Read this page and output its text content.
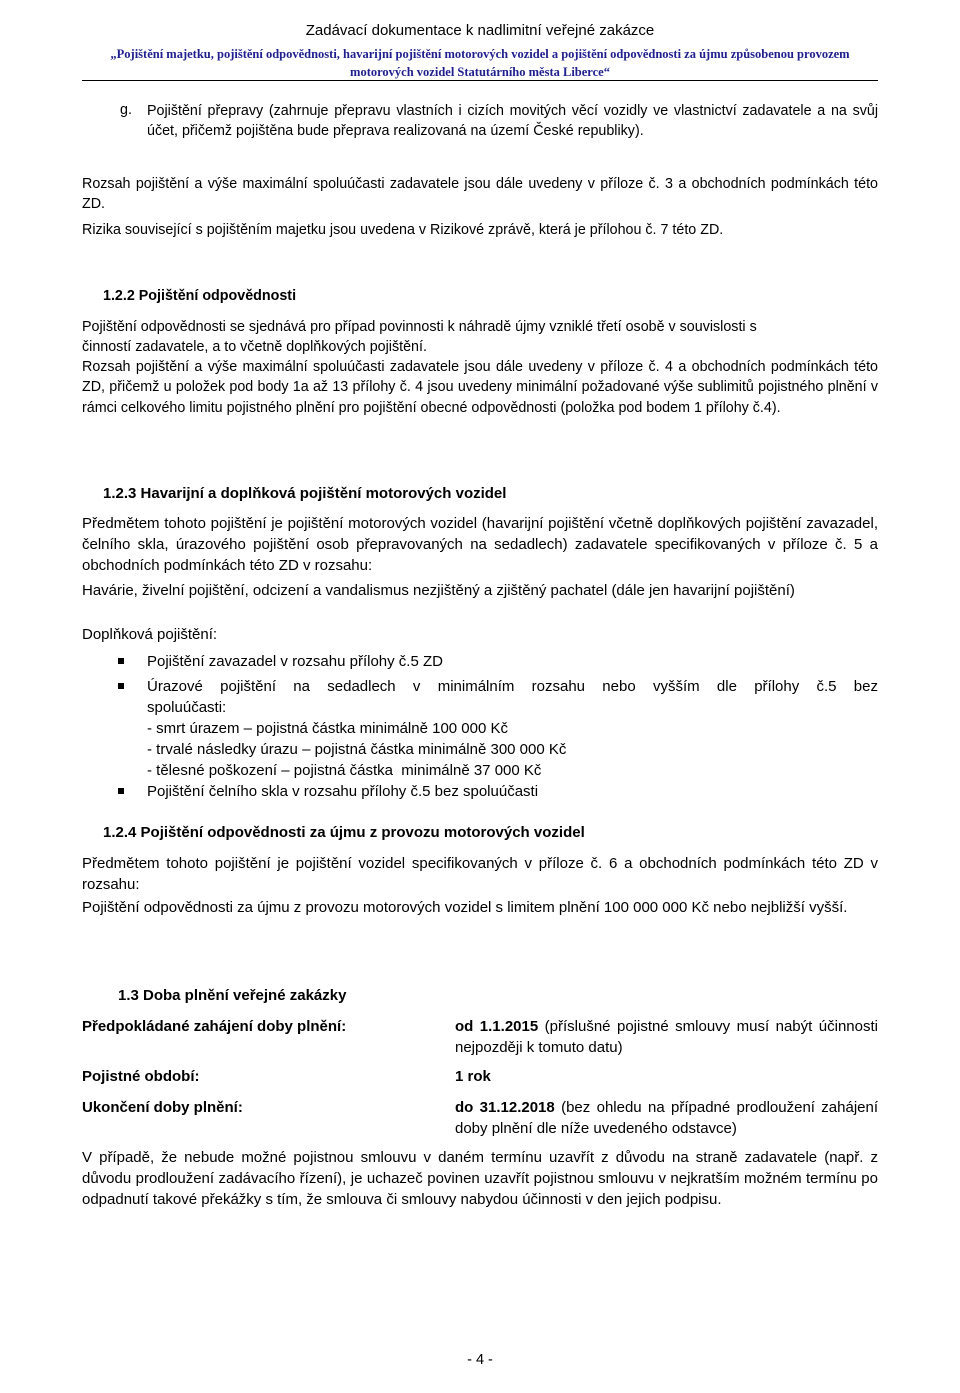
Zadávací dokumentace k nadlimitní veřejné zakázce
„Pojištění majetku, pojištění odpovědnosti, havarijní pojištění motorových vozidel a pojištění odpovědnosti za újmu způsobenou provozem motorových vozidel Statutárního města Liberce“
g. Pojištění přepravy (zahrnuje přepravu vlastních i cizích movitých věcí vozidly ve vlastnictví zadavatele a na svůj účet, přičemž pojištěna bude přeprava realizovaná na území České republiky).
Rozsah pojištění a výše maximální spoluúčasti zadavatele jsou dále uvedeny v příloze č. 3 a obchodních podmínkách této ZD.
Rizika související s pojištěním majetku jsou uvedena v Rizikové zprávě, která je přílohou č. 7 této ZD.
1.2.2 Pojištění odpovědnosti
Pojištění odpovědnosti se sjednává pro případ povinnosti k náhradě újmy vzniklé třetí osobě v souvislosti s činností zadavatele, a to včetně doplňkových pojištění.
Rozsah pojištění a výše maximální spoluúčasti zadavatele jsou dále uvedeny v příloze č. 4 a obchodních podmínkách této ZD, přičemž u položek pod body 1a až 13 přílohy č. 4 jsou uvedeny minimální požadované výše sublimitů pojistného plnění v rámci celkového limitu pojistného plnění pro pojištění obecné odpovědnosti (položka pod bodem 1 přílohy č.4).
1.2.3 Havarijní a doplňková pojištění motorových vozidel
Předmětem tohoto pojištění je pojištění motorových vozidel (havarijní pojištění včetně doplňkových pojištění zavazadel, čelního skla, úrazového pojištění osob přepravovaných na sedadlech) zadavatele specifikovaných v příloze č. 5 a obchodních podmínkách této ZD v rozsahu:
Havárie, živelní pojištění, odcizení a vandalismus nezjištěný a zjištěný pachatel (dále jen havarijní pojištění)
Doplňková pojištění:
Pojištění zavazadel v rozsahu přílohy č.5 ZD
Úrazové pojištění na sedadlech v minimálním rozsahu nebo vyšším dle přílohy č.5 bez
spoluúčasti:
- smrt úrazem – pojistná částka minimálně 100 000 Kč
- trvalé následky úrazu – pojistná částka minimálně 300 000 Kč
- tělesné poškození – pojistná částka  minimálně 37 000 Kč
Pojištění čelního skla v rozsahu přílohy č.5 bez spoluúčasti
1.2.4 Pojištění odpovědnosti za újmu z provozu motorových vozidel
Předmětem tohoto pojištění je pojištění vozidel specifikovaných v příloze č. 6 a obchodních podmínkách této ZD v rozsahu:
Pojištění odpovědnosti za újmu z provozu motorových vozidel s limitem plnění 100 000 000 Kč nebo nejbližší vyšší.
1.3 Doba plnění veřejné zakázky
Předpokládané zahájení doby plnění:	od 1.1.2015 (příslušné pojistné smlouvy musí nabýt účinnosti nejpozději k tomuto datu)
Pojistné období:	1 rok
Ukončení doby plnění:	do 31.12.2018 (bez ohledu na případné prodloužení zahájení doby plnění dle níže uvedeného odstavce)
V případě, že nebude možné pojistnou smlouvu v daném termínu uzavřít z důvodu na straně zadavatele (např. z důvodu prodloužení zadávacího řízení), je uchazeč povinen uzavřít pojistnou smlouvu v nejkratším možném termínu po odpadnutí takové překážky s tím, že smlouva či smlouvy nabydou účinnosti v den jejich podpisu.
- 4 -
